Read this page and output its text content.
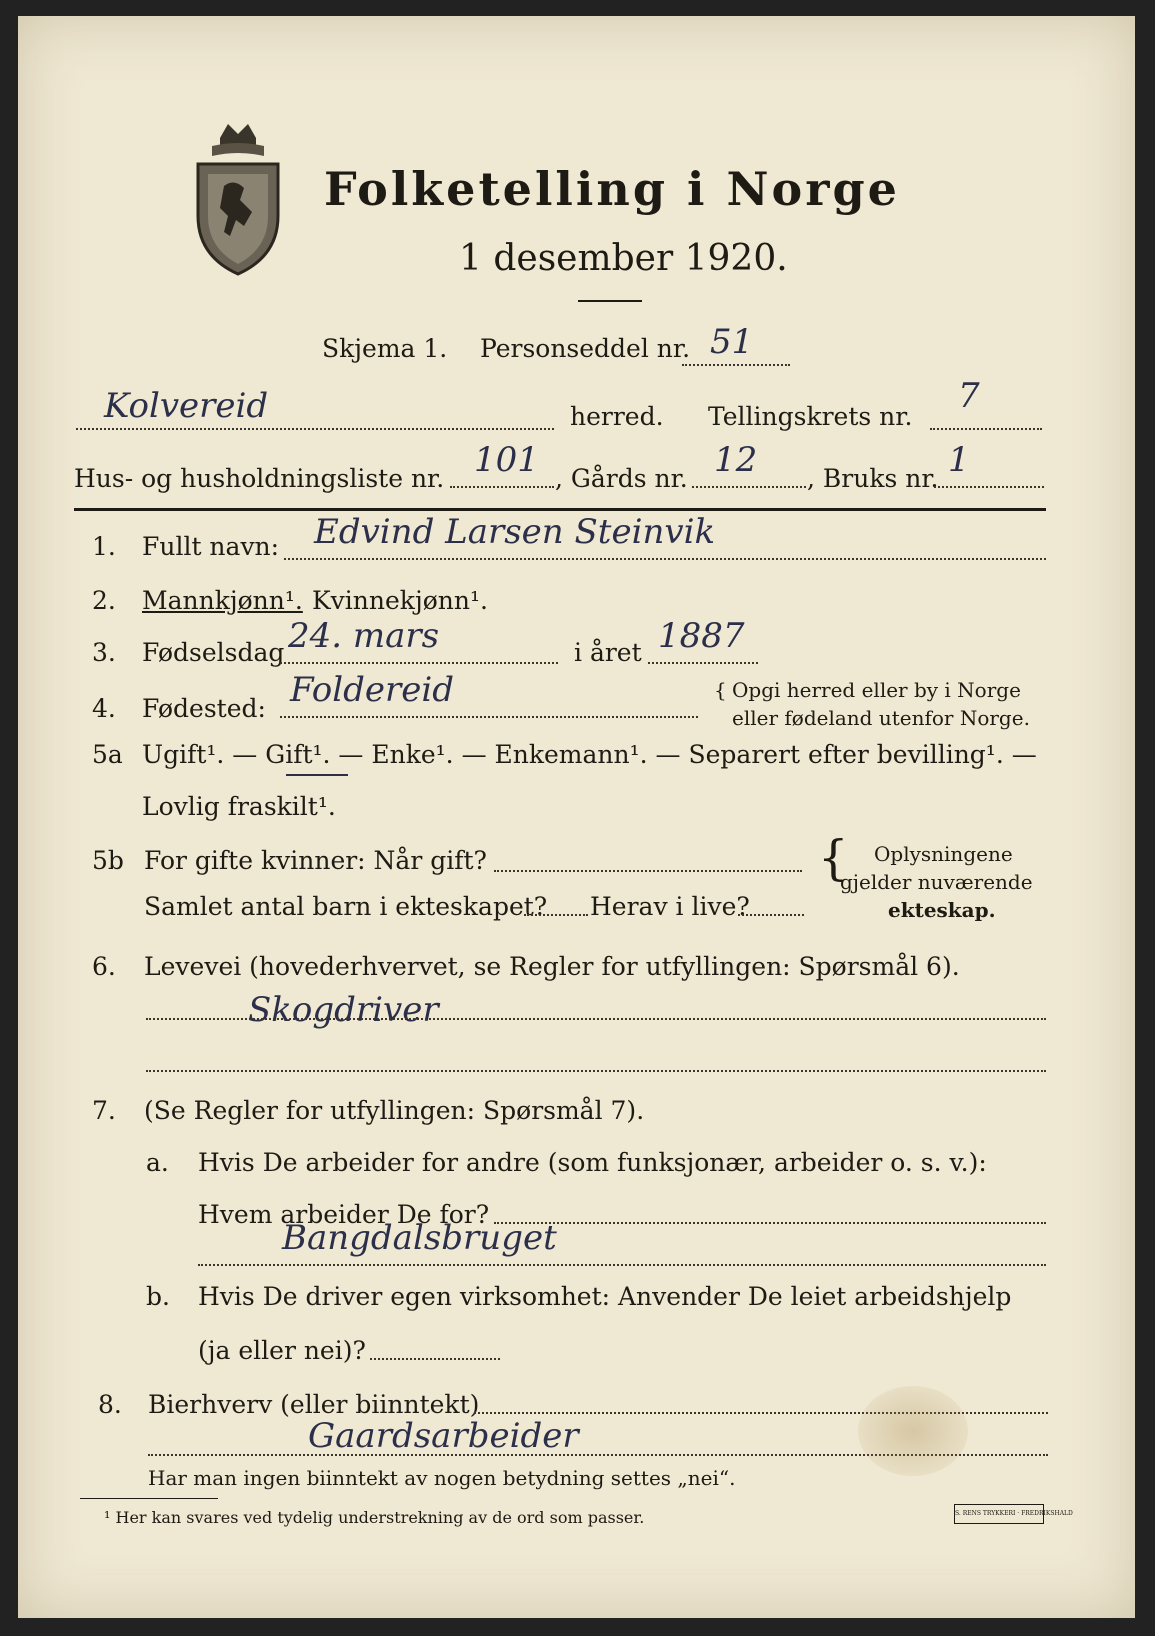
Folketelling i Norge
1 desember 1920.
Skjema 1. Personseddel nr. 51
Kolvereid	herred. Tellingskrets nr.
7
Hus- og husholdningsliste nr. 101 , Gårds nr. 12 , Bruks nr. 1
1. Fullt navn: Edvind Larsen Steinvik
2. Mannkjønn¹. Kvinnekjønn¹.
3. Fødselsdag 24. mars	i året 1887
4. Fødested: Foldereid	{ Opgi herred eller by i Norge
eller fødeland utenfor Norge.
5a Ugift¹. — Gift¹. — Enke¹. — Enkemann¹. — Separert efter bevilling¹. —
Lovlig fraskilt¹.
5b For gifte kvinner: Når gift?
Samlet antal barn i ekteskapet? Herav i live?
{ Oplysningene
gjelder nuværende
ekteskap.
6. Levevei (hovederhvervet, se Regler for utfyllingen: Spørsmål 6).
Skogdriver
7. (Se Regler for utfyllingen: Spørsmål 7).
a. Hvis De arbeider for andre (som funksjonær, arbeider o. s. v.):
Hvem arbeider De for?
Bangdalsbruget
b. Hvis De driver egen virksomhet: Anvender De leiet arbeidshjelp
(ja eller nei)?
8. Bierhverv (eller biinntekt)
Gaardsarbeider
Har man ingen biinntekt av nogen betydning settes „nei“.
¹ Her kan svares ved tydelig understrekning av de ord som passer.	S. RENS TRYKKERI · FREDRIKSHALD
